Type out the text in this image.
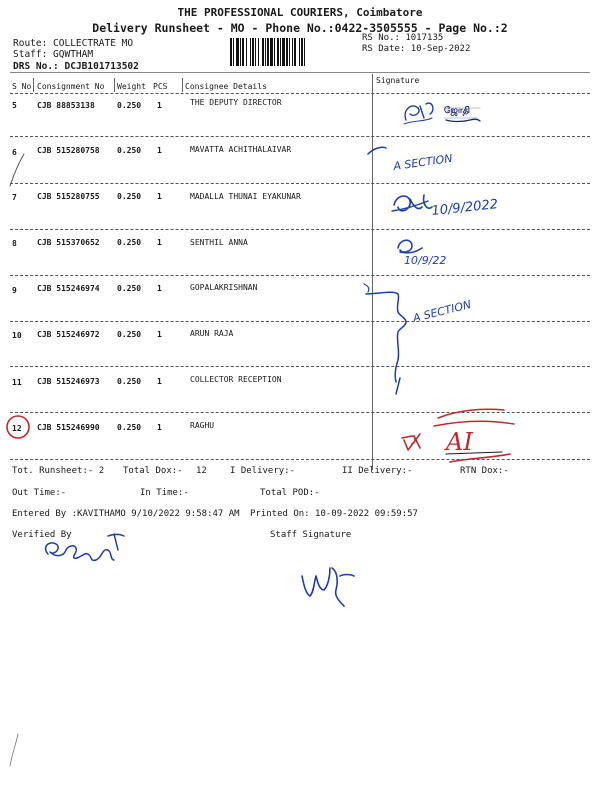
THE PROFESSIONAL COURIERS, Coimbatore
Delivery Runsheet - MO - Phone No.:0422-3505555 - Page No.:2
Route: COLLECTRATE MO
Staff: GQWTHAM
DRS No.: DCJB101713502
RS No.: 1017135
RS Date: 10-Sep-2022
S No Consignment No Weight PCS Consignee Details
Signature
5	CJB 88853138	0.250 1	THE DEPUTY DIRECTOR
6	CJB 515280758 0.250 1	MAVATTA ACHITHALAIVAR
7	CJB 515280755 0.250 1	MADALLA THUNAI EYAKUNAR
8	CJB 515370652 0.250 1	SENTHIL ANNA
9	CJB 515246974 0.250 1	GOPALAKRISHNAN
10 CJB 515246972 0.250 1	ARUN RAJA
11 CJB 515246973 0.250 1	COLLECTOR RECEPTION
12 CJB 515246990 0.250 1	RAGHU
Tot. Runsheet:- 2 Total Dox:- 12	I Delivery:-	II Delivery:-	RTN Dox:-
Out Time:-	In Time:-	Total POD:-
Entered By :KAVITHAMO 9/10/2022 9:58:47 AM Printed On: 10-09-2022 09:59:57
Verified By	Staff Signature
ஜோதி
A SECTION
10/9/2022
10/9/22
A SECTION
AI
